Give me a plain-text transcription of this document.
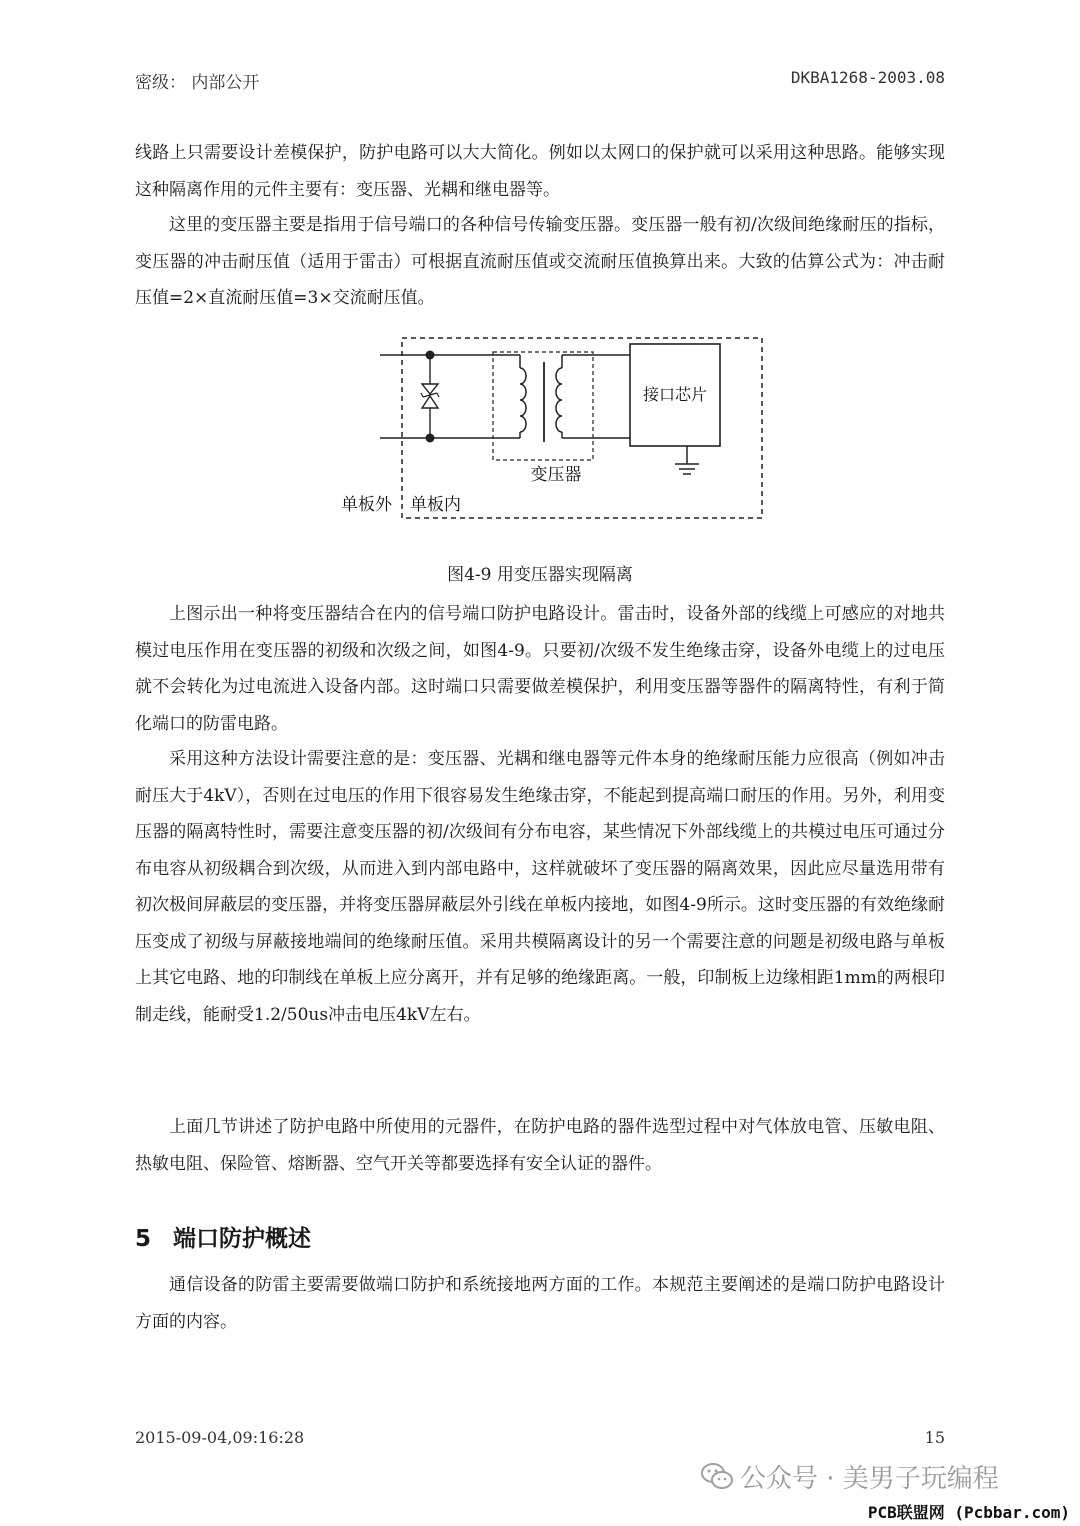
密级： 内部公开	DKBA1268-2003.08

线路上只需要设计差模保护，防护电路可以大大简化。例如以太网口的保护就可以采用这种思路。能够实现这种隔离作用的元件主要有：变压器、光耦和继电器等。

这里的变压器主要是指用于信号端口的各种信号传输变压器。变压器一般有初/次级间绝缘耐压的指标，变压器的冲击耐压值（适用于雷击）可根据直流耐压值或交流耐压值换算出来。大致的估算公式为：冲击耐压值=2×直流耐压值=3×交流耐压值。

接口芯片
变压器
单板外 单板内
图4-9 用变压器实现隔离

上图示出一种将变压器结合在内的信号端口防护电路设计。雷击时，设备外部的线缆上可感应的对地共模过电压作用在变压器的初级和次级之间，如图4-9。只要初/次级不发生绝缘击穿，设备外电缆上的过电压就不会转化为过电流进入设备内部。这时端口只需要做差模保护，利用变压器等器件的隔离特性，有利于简化端口的防雷电路。

采用这种方法设计需要注意的是：变压器、光耦和继电器等元件本身的绝缘耐压能力应很高（例如冲击耐压大于4kV），否则在过电压的作用下很容易发生绝缘击穿，不能起到提高端口耐压的作用。另外，利用变压器的隔离特性时，需要注意变压器的初/次级间有分布电容，某些情况下外部线缆上的共模过电压可通过分布电容从初级耦合到次级，从而进入到内部电路中，这样就破坏了变压器的隔离效果，因此应尽量选用带有初次极间屏蔽层的变压器，并将变压器屏蔽层外引线在单板内接地，如图4-9所示。这时变压器的有效绝缘耐压变成了初级与屏蔽接地端间的绝缘耐压值。采用共模隔离设计的另一个需要注意的问题是初级电路与单板上其它电路、地的印制线在单板上应分离开，并有足够的绝缘距离。一般，印制板上边缘相距1mm的两根印制走线，能耐受1.2/50us冲击电压4kV左右。

上面几节讲述了防护电路中所使用的元器件，在防护电路的器件选型过程中对气体放电管、压敏电阻、热敏电阻、保险管、熔断器、空气开关等都要选择有安全认证的器件。

5 端口防护概述

通信设备的防雷主要需要做端口防护和系统接地两方面的工作。本规范主要阐述的是端口防护电路设计方面的内容。

2015-09-04,09:16:28	15
公众号 · 美男子玩编程
PCB联盟网 (Pcbbar.com)
